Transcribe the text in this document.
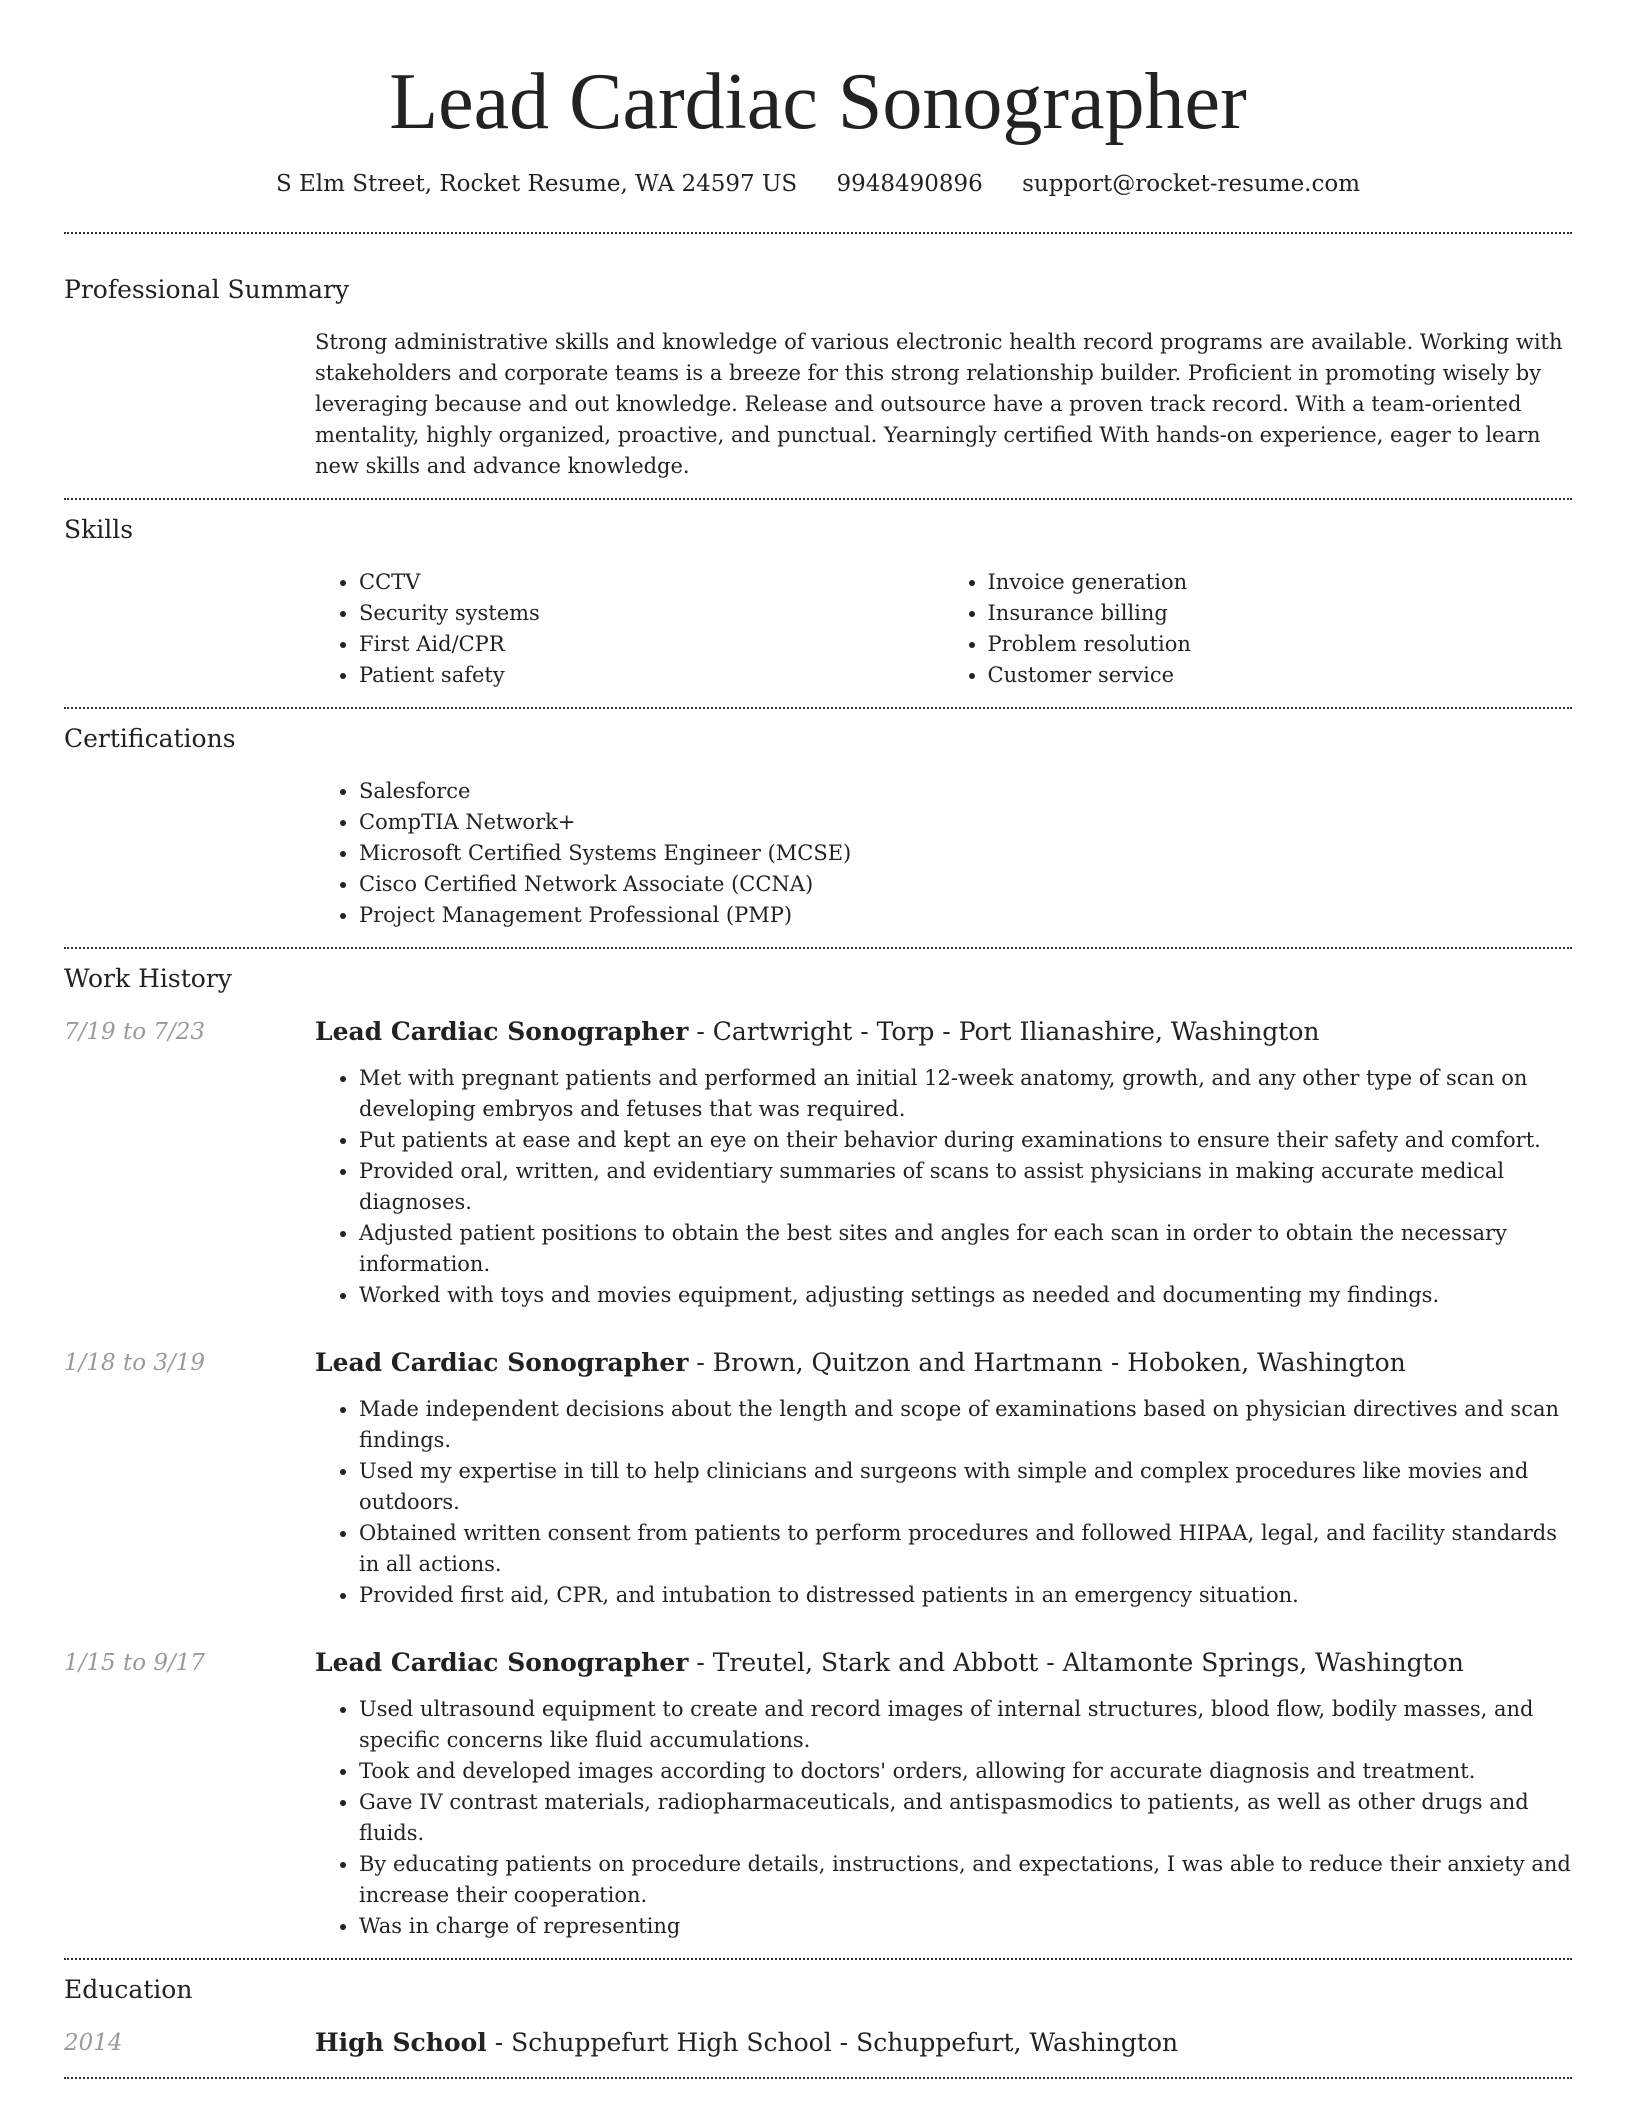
Lead Cardiac Sonographer
S Elm Street, Rocket Resume, WA 24597 US 9948490896 support@rocket-resume.com
Professional Summary
Strong administrative skills and knowledge of various electronic health record programs are available. Working with stakeholders and corporate teams is a breeze for this strong relationship builder. Proficient in promoting wisely by leveraging because and out knowledge. Release and outsource have a proven track record. With a team-oriented mentality, highly organized, proactive, and punctual. Yearningly certified With hands-on experience, eager to learn new skills and advance knowledge.
Skills
• CCTV
• Security systems
• First Aid/CPR
• Patient safety
• Invoice generation
• Insurance billing
• Problem resolution
• Customer service
Certifications
• Salesforce
• CompTIA Network+
• Microsoft Certified Systems Engineer (MCSE)
• Cisco Certified Network Associate (CCNA)
• Project Management Professional (PMP)
Work History
7/19 to 7/23	Lead Cardiac Sonographer - Cartwright - Torp - Port Ilianashire, Washington
• Met with pregnant patients and performed an initial 12-week anatomy, growth, and any other type of scan on developing embryos and fetuses that was required.
• Put patients at ease and kept an eye on their behavior during examinations to ensure their safety and comfort.
• Provided oral, written, and evidentiary summaries of scans to assist physicians in making accurate medical diagnoses.
• Adjusted patient positions to obtain the best sites and angles for each scan in order to obtain the necessary information.
• Worked with toys and movies equipment, adjusting settings as needed and documenting my findings.
1/18 to 3/19	Lead Cardiac Sonographer - Brown, Quitzon and Hartmann - Hoboken, Washington
• Made independent decisions about the length and scope of examinations based on physician directives and scan findings.
• Used my expertise in till to help clinicians and surgeons with simple and complex procedures like movies and outdoors.
• Obtained written consent from patients to perform procedures and followed HIPAA, legal, and facility standards in all actions.
• Provided first aid, CPR, and intubation to distressed patients in an emergency situation.
1/15 to 9/17	Lead Cardiac Sonographer - Treutel, Stark and Abbott - Altamonte Springs, Washington
• Used ultrasound equipment to create and record images of internal structures, blood flow, bodily masses, and specific concerns like fluid accumulations.
• Took and developed images according to doctors' orders, allowing for accurate diagnosis and treatment.
• Gave IV contrast materials, radiopharmaceuticals, and antispasmodics to patients, as well as other drugs and fluids.
• By educating patients on procedure details, instructions, and expectations, I was able to reduce their anxiety and increase their cooperation.
• Was in charge of representing
Education
2014	High School - Schuppefurt High School - Schuppefurt, Washington
